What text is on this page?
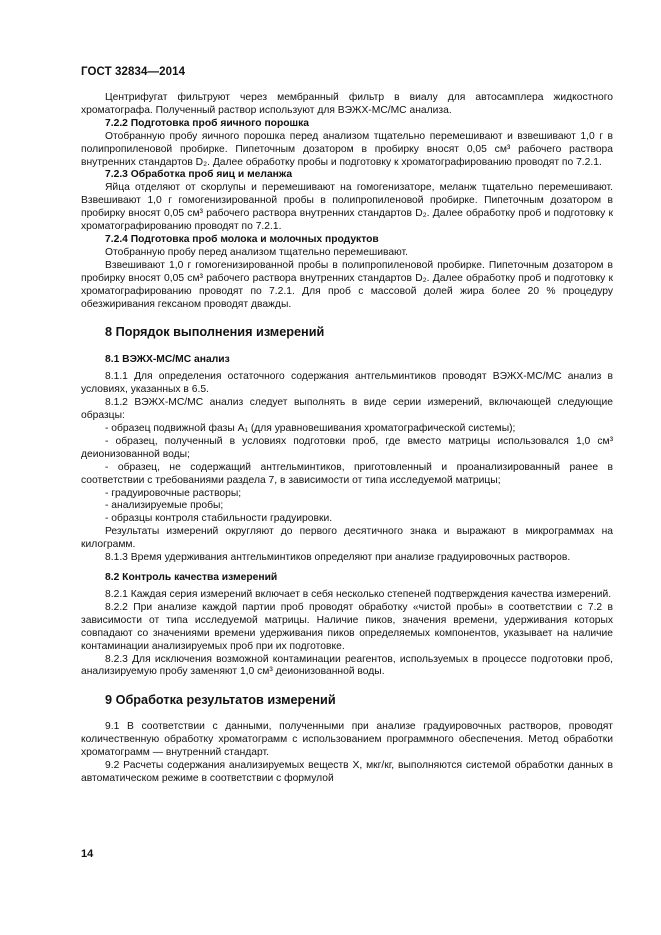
ГОСТ 32834—2014

Центрифугат фильтруют через мембранный фильтр в виалу для автосамплера жидкостного хроматографа. Полученный раствор используют для ВЭЖХ-МС/МС анализа.

7.2.2 Подготовка проб яичного порошка

Отобранную пробу яичного порошка перед анализом тщательно перемешивают и взвешивают 1,0 г в полипропиленовой пробирке. Пипеточным дозатором в пробирку вносят 0,05 см³ рабочего раствора внутренних стандартов D₂. Далее обработку пробы и подготовку к хроматографированию проводят по 7.2.1.

7.2.3 Обработка проб яиц и меланжа

Яйца отделяют от скорлупы и перемешивают на гомогенизаторе, меланж тщательно перемешивают. Взвешивают 1,0 г гомогенизированной пробы в полипропиленовой пробирке. Пипеточным дозатором в пробирку вносят 0,05 см³ рабочего раствора внутренних стандартов D₂. Далее обработку проб и подготовку к хроматографированию проводят по 7.2.1.

7.2.4 Подготовка проб молока и молочных продуктов

Отобранную пробу перед анализом тщательно перемешивают.

Взвешивают 1,0 г гомогенизированной пробы в полипропиленовой пробирке. Пипеточным дозатором в пробирку вносят 0,05 см³ рабочего раствора внутренних стандартов D₂. Далее обработку проб и подготовку к хроматографированию проводят по 7.2.1. Для проб с массовой долей жира более 20 % процедуру обезжиривания гексаном проводят дважды.

8 Порядок выполнения измерений
8.1 ВЭЖХ-МС/МС анализ

8.1.1 Для определения остаточного содержания антгельминтиков проводят ВЭЖХ-МС/МС анализ в условиях, указанных в 6.5.

8.1.2 ВЭЖХ-МС/МС анализ следует выполнять в виде серии измерений, включающей следующие образцы:

- образец подвижной фазы A₁ (для уравновешивания хроматографической системы);

- образец, полученный в условиях подготовки проб, где вместо матрицы использовался 1,0 см³ деионизованной воды;

- образец, не содержащий антгельминтиков, приготовленный и проанализированный ранее в соответствии с требованиями раздела 7, в зависимости от типа исследуемой матрицы;

- градуировочные растворы;

- анализируемые пробы;

- образцы контроля стабильности градуировки.

Результаты измерений округляют до первого десятичного знака и выражают в микрограммах на килограмм.

8.1.3 Время удерживания антгельминтиков определяют при анализе градуировочных растворов.

8.2 Контроль качества измерений

8.2.1 Каждая серия измерений включает в себя несколько степеней подтверждения качества измерений.

8.2.2 При анализе каждой партии проб проводят обработку «чистой пробы» в соответствии с 7.2 в зависимости от типа исследуемой матрицы. Наличие пиков, значения времени, удерживания которых совпадают со значениями времени удерживания пиков определяемых компонентов, указывает на наличие контаминации анализируемых проб при их подготовке.

8.2.3 Для исключения возможной контаминации реагентов, используемых в процессе подготовки проб, анализируемую пробу заменяют 1,0 см³ деионизованной воды.

9 Обработка результатов измерений

9.1 В соответствии с данными, полученными при анализе градуировочных растворов, проводят количественную обработку хроматограмм с использованием программного обеспечения. Метод обработки хроматограмм — внутренний стандарт.

9.2 Расчеты содержания анализируемых веществ X, мкг/кг, выполняются системой обработки данных в автоматическом режиме в соответствии с формулой

14
